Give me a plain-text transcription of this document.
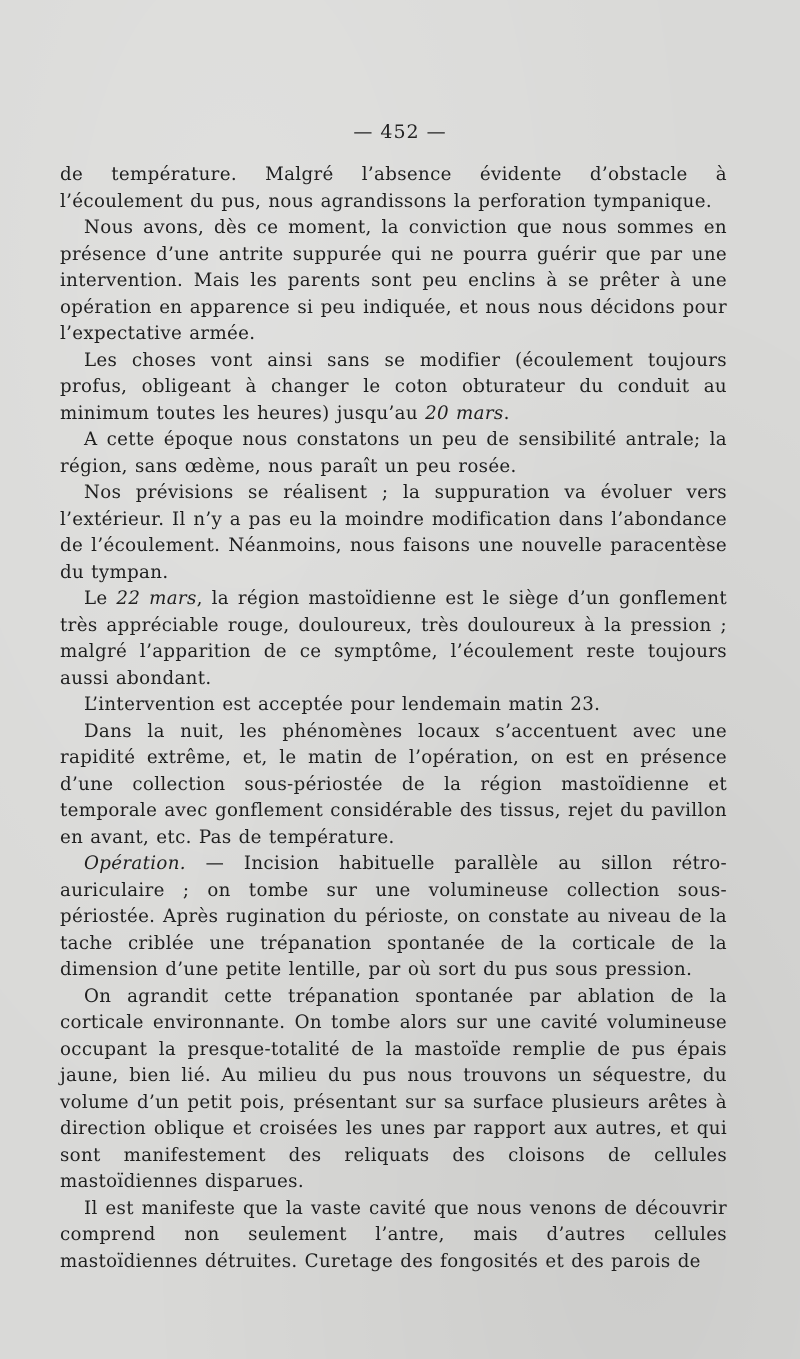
— 452 —

de température. Malgré l’absence évidente d’obstacle à l’écoulement du pus, nous agrandissons la perforation tympanique.

Nous avons, dès ce moment, la conviction que nous sommes en présence d’une antrite suppurée qui ne pourra guérir que par une intervention. Mais les parents sont peu enclins à se prêter à une opération en apparence si peu indiquée, et nous nous décidons pour l’expectative armée.

Les choses vont ainsi sans se modifier (écoulement toujours profus, obligeant à changer le coton obturateur du conduit au minimum toutes les heures) jusqu’au 20 mars.

A cette époque nous constatons un peu de sensibilité antrale; la région, sans œdème, nous paraît un peu rosée.

Nos prévisions se réalisent ; la suppuration va évoluer vers l’extérieur. Il n’y a pas eu la moindre modification dans l’abondance de l’écoulement. Néanmoins, nous faisons une nouvelle paracentèse du tympan.

Le 22 mars, la région mastoïdienne est le siège d’un gonflement très appréciable rouge, douloureux, très douloureux à la pression ; malgré l’apparition de ce symptôme, l’écoulement reste toujours aussi abondant.

L’intervention est acceptée pour lendemain matin 23.

Dans la nuit, les phénomènes locaux s’accentuent avec une rapidité extrême, et, le matin de l’opération, on est en présence d’une collection sous-périostée de la région mastoïdienne et temporale avec gonflement considérable des tissus, rejet du pavillon en avant, etc. Pas de température.

Opération. — Incision habituelle parallèle au sillon rétro-auriculaire ; on tombe sur une volumineuse collection sous-périostée. Après rugination du périoste, on constate au niveau de la tache criblée une trépanation spontanée de la corticale de la dimension d’une petite lentille, par où sort du pus sous pression.

On agrandit cette trépanation spontanée par ablation de la corticale environnante. On tombe alors sur une cavité volumineuse occupant la presque-totalité de la mastoïde remplie de pus épais jaune, bien lié. Au milieu du pus nous trouvons un séquestre, du volume d’un petit pois, présentant sur sa surface plusieurs arêtes à direction oblique et croisées les unes par rapport aux autres, et qui sont manifestement des reliquats des cloisons de cellules mastoïdiennes disparues.

Il est manifeste que la vaste cavité que nous venons de découvrir comprend non seulement l’antre, mais d’autres cellules mastoïdiennes détruites. Curetage des fongosités et des parois de
